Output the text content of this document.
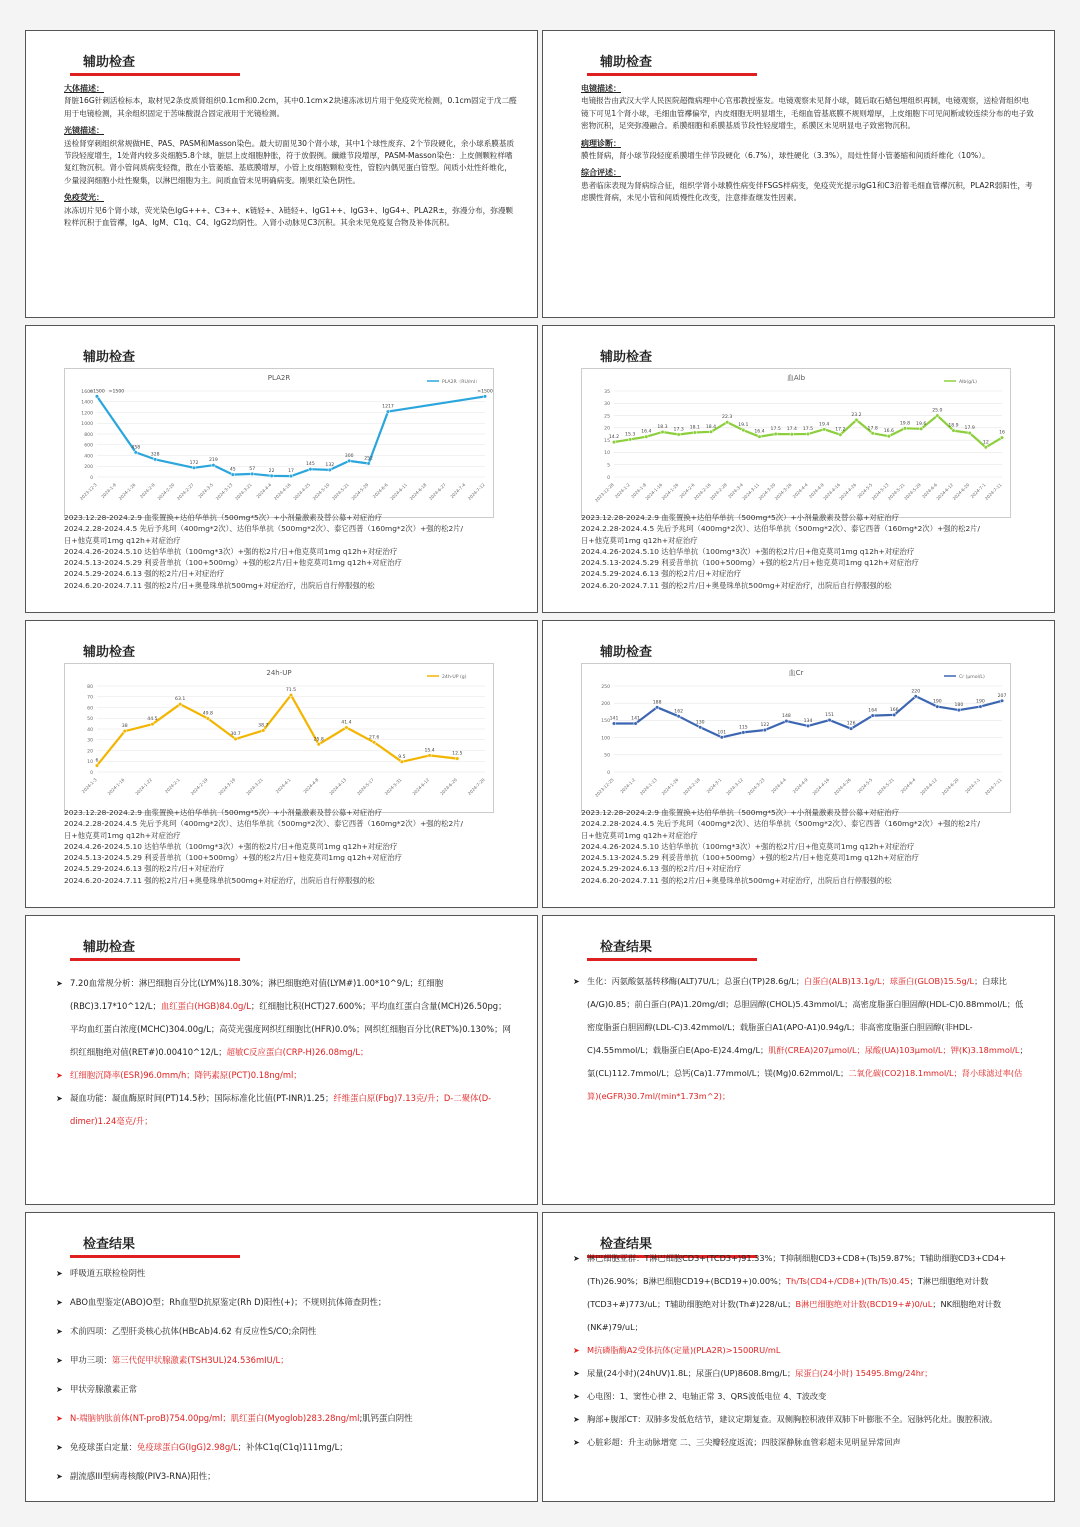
辅助检查
大体描述：

肾脏16G针刺活检标本，取材见2条皮质肾组织0.1cm和0.2cm，其中0.1cm×2块速冻冰切片用于免疫荧光检测，0.1cm固定于戊二醛用于电镜检测，其余组织固定于苦味酸混合固定液用于光镜检测。

光镜描述：

送检肾穿刺组织常规做HE、PAS、PASM和Masson染色。最大切面见30个肾小球，其中1个球性废弃、2个节段硬化，余小球系膜基质节段轻度增生，1处肾内较多炎细胞5.8个球，脏层上皮细胞肿胀，符于放假例。纖維节段增厚，PASM-Masson染色：上皮侧颗粒样嗜复红物沉积。肾小管间质病变轻微，散在小管萎缩、基底膜增厚，小管上皮细胞颗粒变性，管腔内偶见蛋白管型。间质小灶性纤维化，少量浸润细胞小灶性聚集，以淋巴细胞为主。间质血管未见明确病变。刚果红染色阴性。

免疫荧光：

冰冻切片见6个肾小球，荧光染色IgG+++、C3++、κ链轻+、λ链轻+、IgG1++、IgG3+、IgG4+、PLA2R±，弥漫分布，弥漫颗粒样沉积于血管襻，IgA、IgM、C1q、C4、IgG2均阴性。入肾小动脉见C3沉积。其余未见免疫复合物及补体沉积。

辅助检查
电镜描述：

电镜报告由武汉大学人民医院超微病理中心官那教授鉴发。电镜观察未见肾小球，随后取石蜡包埋组织再制，电镜观察，送检肾组织电镜下可见1个肾小球，毛细血管襻偏窄，内皮细胞无明显增生，毛细血管基底膜不规则增厚，上皮细胞下可见间断或较连续分布的电子致密物沉积，足突弥漫融合。系膜细胞和系膜基质节段性轻度增生，系膜区未见明显电子致密物沉积。

病理诊断：

膜性肾病，肾小球节段轻度系膜增生伴节段硬化（6.7%），球性硬化（3.3%），局灶性肾小管萎缩和间质纤维化（10%）。

综合评述：

患者临床表现为肾病综合征，组织学肾小球膜性病变伴FSGS样病变，免疫荧光提示IgG1和C3沿着毛细血管襻沉积，PLA2R弱阳性，考虑膜性肾病，未见小管和间质慢性化改变，注意排查继发性因素。

辅助检查
PLA2R
PLA2R（RU/ml）
0
200
400
600
800
1000
1200
1400
1600
2023-12-3 2024-1-9 2024-1-26 2024-2-9 2024-2-20 2024-2-27 2024-3-5 2024-3-13 2024-3-21 2024-4-4 2024-4-16 2024-4-25 2024-5-10 2024-5-21 2024-5-29 2024-6-6 2024-6-11 2024-6-18 2024-6-27 2024-7-4 2024-7-12
>1500
458
328
172
219
45	57	22	17
145 132
300
252
1217
>1500
>1500
2023.12.28-2024.2.9 血浆置换+达伯华单抗（500mg*5次）+小剂量激素及替公募+对症治疗
2024.2.28-2024.4.5 先后予兆珂（400mg*2次）、达伯华单抗（500mg*2次）、泰它西普（160mg*2次）+强的松2片/
日+他克莫司1mg q12h+对症治疗
2024.4.26-2024.5.10 达伯华单抗（100mg*3次）+强的松2片/日+他克莫司1mg q12h+对症治疗
2024.5.13-2024.5.29 利妥昔单抗（100+500mg）+强的松2片/日+他克莫司1mg q12h+对症治疗
2024.5.29-2024.6.13 强的松2片/日+对症治疗
2024.6.20-2024.7.11 强的松2片/日+奥曼珠单抗500mg+对症治疗，出院后自行停服强的松
辅助检查
血Alb
Alb(g/L)
0
5
10
15
20
25
30
35
2023-12-28 2024-1-2 2024-1-8
2024-1-16
2024-1-26 2024-2-6
2024-2-16
2024-2-28 2024-3-4
2024-3-11
2024-3-20
2024-3-26 2024-4-4 2024-4-9
2024-4-16
2024-4-26 2024-5-5
2024-5-13
2024-5-21
2024-5-29 2024-6-6
2024-6-12
2024-6-20 2024-7-1
2024-7-11
14.2
15.3
16.4
18.3 17.3 18.1 18.4
22.3
19.1
16.4
17.5 17.4 17.5
19.4
17.2
23.2
17.8
16.6
19.8 19.6
25.0
18.9 17.9
12
16
2023.12.28-2024.2.9 血浆置换+达伯华单抗（500mg*5次）+小剂量激素及替公募+对症治疗
2024.2.28-2024.4.5 先后予兆珂（400mg*2次）、达伯华单抗（500mg*2次）、泰它西普（160mg*2次）+强的松2片/
日+他克莫司1mg q12h+对症治疗
2024.4.26-2024.5.10 达伯华单抗（100mg*3次）+强的松2片/日+他克莫司1mg q12h+对症治疗
2024.5.13-2024.5.29 利妥昔单抗（100+500mg）+强的松2片/日+他克莫司1mg q12h+对症治疗
2024.5.29-2024.6.13 强的松2片/日+对症治疗
2024.6.20-2024.7.11 强的松2片/日+奥曼珠单抗500mg+对症治疗，出院后自行停服强的松
辅助检查
24h-UP
24h-UP (g)
0
10
20
30
40
50
60
70
80
2024-1-3 2024-1-16 2024-1-22	2024-2-1 2024-2-19 2024-3-19 2024-3-21	2024-4-1	2024-4-8 2024-4-13 2024-5-17 2024-5-31 2024-6-12 2024-6-20 2024-7-20
6
38
44.5
63.1
49.8
30.7
38.7
71.5
25.8
41.4
27.6
9.5
15.4
12.5
2023.12.28-2024.2.9 血浆置换+达伯华单抗（500mg*5次）+小剂量激素及替公募+对症治疗
2024.2.28-2024.4.5 先后予兆珂（400mg*2次）、达伯华单抗（500mg*2次）、泰它西普（160mg*2次）+强的松2片/
日+他克莫司1mg q12h+对症治疗
2024.4.26-2024.5.10 达伯华单抗（100mg*3次）+强的松2片/日+他克莫司1mg q12h+对症治疗
2024.5.13-2024.5.29 利妥昔单抗（100+500mg）+强的松2片/日+他克莫司1mg q12h+对症治疗
2024.5.29-2024.6.13 强的松2片/日+对症治疗
2024.6.20-2024.7.11 强的松2片/日+奥曼珠单抗500mg+对症治疗，出院后自行停服强的松
辅助检查
血Cr
Cr (μmol/L)
0
50
100
150
200
250
2023-12-25 2024-1-2 2024-1-13 2024-1-26 2024-2-19 2024-3-1 2024-3-12 2024-3-23 2024-4-4 2024-4-9 2024-4-16 2024-4-26 2024-5-5 2024-5-21 2024-6-4 2024-6-12 2024-6-20 2024-7-1 2024-7-11
141	141
188
162
130
101
115	122
148
134
151
126
164	166
220
190
180
190
207
2023.12.28-2024.2.9 血浆置换+达伯华单抗（500mg*5次）+小剂量激素及替公募+对症治疗
2024.2.28-2024.4.5 先后予兆珂（400mg*2次）、达伯华单抗（500mg*2次）、泰它西普（160mg*2次）+强的松2片/
日+他克莫司1mg q12h+对症治疗
2024.4.26-2024.5.10 达伯华单抗（100mg*3次）+强的松2片/日+他克莫司1mg q12h+对症治疗
2024.5.13-2024.5.29 利妥昔单抗（100+500mg）+强的松2片/日+他克莫司1mg q12h+对症治疗
2024.5.29-2024.6.13 强的松2片/日+对症治疗
2024.6.20-2024.7.11 强的松2片/日+奥曼珠单抗500mg+对症治疗，出院后自行停服强的松
辅助检查
➤ 7.20血常规分析：淋巴细胞百分比(LYM%)18.30%；淋巴细胞绝对值(LYM#)1.00*10^9/L；红细胞(RBC)3.17*10^12/L；血红蛋白(HGB)84.0g/L；红细胞比积(HCT)27.600%；平均血红蛋白含量(MCH)26.50pg；平均血红蛋白浓度(MCHC)304.00g/L；高荧光强度网织红细胞比(HFR)0.0%；网织红细胞百分比(RET%)0.130%；网织红细胞绝对值(RET#)0.00410^12/L；超敏C反应蛋白(CRP-H)26.08mg/L；
➤ 红细胞沉降率(ESR)96.0mm/h；降钙素原(PCT)0.18ng/ml；
➤ 凝血功能：凝血酶原时间(PT)14.5秒；国际标准化比值(PT-INR)1.25；纤维蛋白原(Fbg)7.13克/升；D-二聚体(D-dimer)1.24毫克/升；
检查结果
➤ 生化：丙氨酸氨基转移酶(ALT)7U/L；总蛋白(TP)28.6g/L；白蛋白(ALB)13.1g/L；球蛋白(GLOB)15.5g/L；白球比(A/G)0.85；前白蛋白(PA)1.20mg/dl；总胆固醇(CHOL)5.43mmol/L；高密度脂蛋白胆固醇(HDL-C)0.88mmol/L；低密度脂蛋白胆固醇(LDL-C)3.42mmol/L；载脂蛋白A1(APO-A1)0.94g/L；非高密度脂蛋白胆固醇(非HDL-C)4.55mmol/L；载脂蛋白E(Apo-E)24.4mg/L；肌酐(CREA)207μmol/L；尿酸(UA)103μmol/L；钾(K)3.18mmol/L；氯(CL)112.7mmol/L；总钙(Ca)1.77mmol/L；镁(Mg)0.62mmol/L；二氧化碳(CO2)18.1mmol/L；肾小球滤过率(估算)(eGFR)30.7ml/(min*1.73m^2)；
检查结果
➤ 呼吸道五联检检阴性
➤ ABO血型鉴定(ABO)O型；Rh血型D抗原鉴定(Rh D)阳性(+)；不规则抗体筛查阴性；
➤ 术前四项：乙型肝炎核心抗体(HBcAb)4.62 有反应性S/CO;余阴性
➤ 甲功三项：第三代促甲状腺激素(TSH3UL)24.536mIU/L；
➤ 甲状旁腺激素正常
➤ N-端脑钠肽前体(NT-proB)754.00pg/ml；肌红蛋白(Myoglob)283.28ng/ml;肌钙蛋白阴性
➤ 免疫球蛋白定量：免疫球蛋白G(IgG)2.98g/L；补体C1q(C1q)111mg/L；
➤ 副流感III型病毒核酸(PIV3-RNA)阳性；
检查结果
➤ 淋巴细胞亚群：T淋巴细胞CD3+(TCD3+)91.33%；T抑制细胞CD3+CD8+(Ts)59.87%；T辅助细胞CD3+CD4+(Th)26.90%；B淋巴细胞CD19+(BCD19+)0.00%；Th/Ts(CD4+/CD8+)(Th/Ts)0.45；T淋巴细胞绝对计数(TCD3+#)773/uL；T辅助细胞绝对计数(Th#)228/uL；B淋巴细胞绝对计数(BCD19+#)0/uL；NK细胞绝对计数(NK#)79/uL；
➤ M抗磷脂酶A2受体抗体(定量)(PLA2R)>1500RU/mL
➤ 尿量(24小时)(24hUV)1.8L；尿蛋白(UP)8608.8mg/L；尿蛋白(24小时) 15495.8mg/24hr；
➤ 心电图：1、窦性心律 2、电轴正常 3、QRS波低电位 4、T波改变
➤ 胸部+腹部CT：双肺多发低危结节，建议定期复查。双侧胸腔积液伴双肺下叶膨胀不全。冠脉钙化灶。腹腔积液。
➤ 心脏彩超：升主动脉增宽 二、三尖瓣轻度返流；四肢深静脉血管彩超未见明显异常回声
